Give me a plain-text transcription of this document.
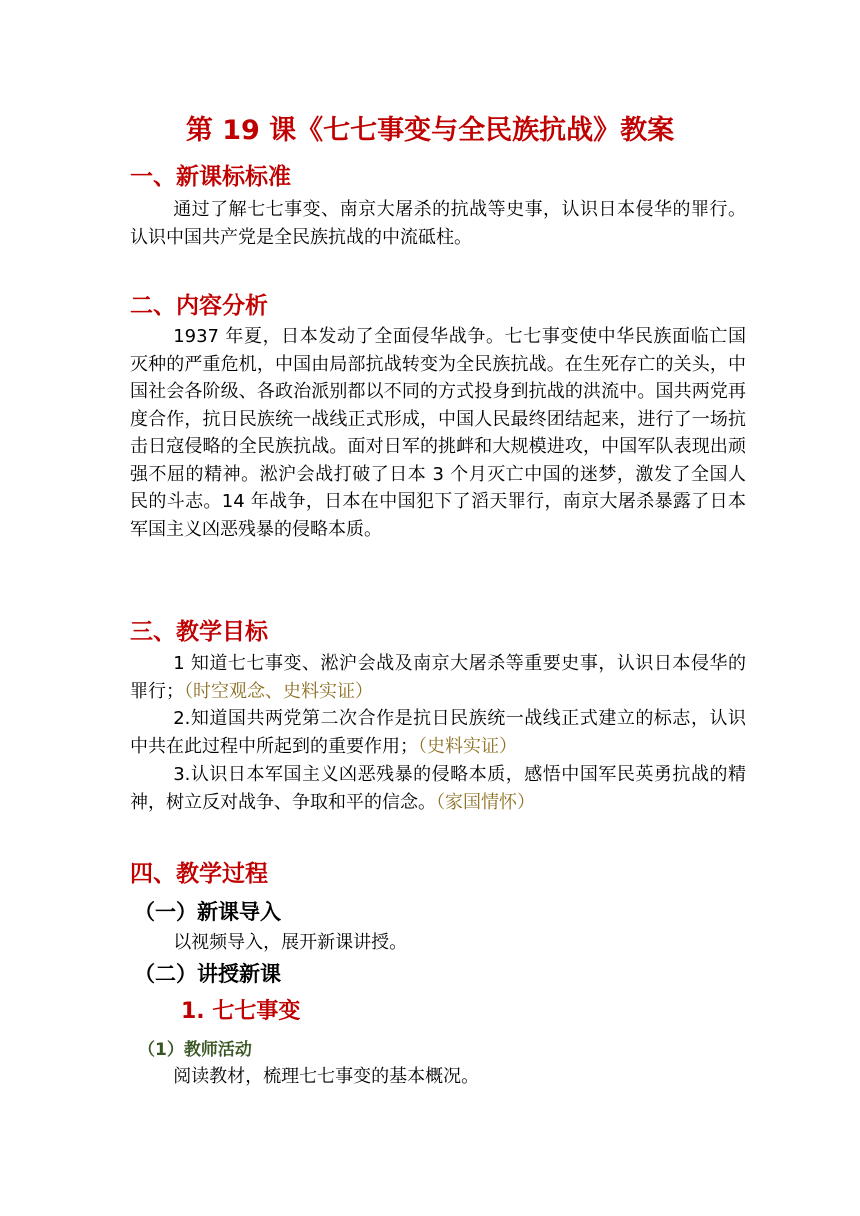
第 19 课《七七事变与全民族抗战》教案
一、新课标标准

通过了解七七事变、南京大屠杀的抗战等史事，认识日本侵华的罪行。认识中国共产党是全民族抗战的中流砥柱。

二、内容分析

1937 年夏，日本发动了全面侵华战争。七七事变使中华民族面临亡国灭种的严重危机，中国由局部抗战转变为全民族抗战。在生死存亡的关头，中国社会各阶级、各政治派别都以不同的方式投身到抗战的洪流中。国共两党再度合作，抗日民族统一战线正式形成，中国人民最终团结起来，进行了一场抗击日寇侵略的全民族抗战。面对日军的挑衅和大规模进攻，中国军队表现出顽强不屈的精神。淞沪会战打破了日本 3 个月灭亡中国的迷梦，激发了全国人民的斗志。14 年战争，日本在中国犯下了滔天罪行，南京大屠杀暴露了日本军国主义凶恶残暴的侵略本质。

三、教学目标

1 知道七七事变、淞沪会战及南京大屠杀等重要史事，认识日本侵华的罪行；（时空观念、史料实证）

2.知道国共两党第二次合作是抗日民族统一战线正式建立的标志，认识中共在此过程中所起到的重要作用；（史料实证）

3.认识日本军国主义凶恶残暴的侵略本质，感悟中国军民英勇抗战的精神，树立反对战争、争取和平的信念。（家国情怀）

四、教学过程
（一）新课导入

以视频导入，展开新课讲授。

（二）讲授新课
1. 七七事变
（1）教师活动

阅读教材，梳理七七事变的基本概况。
